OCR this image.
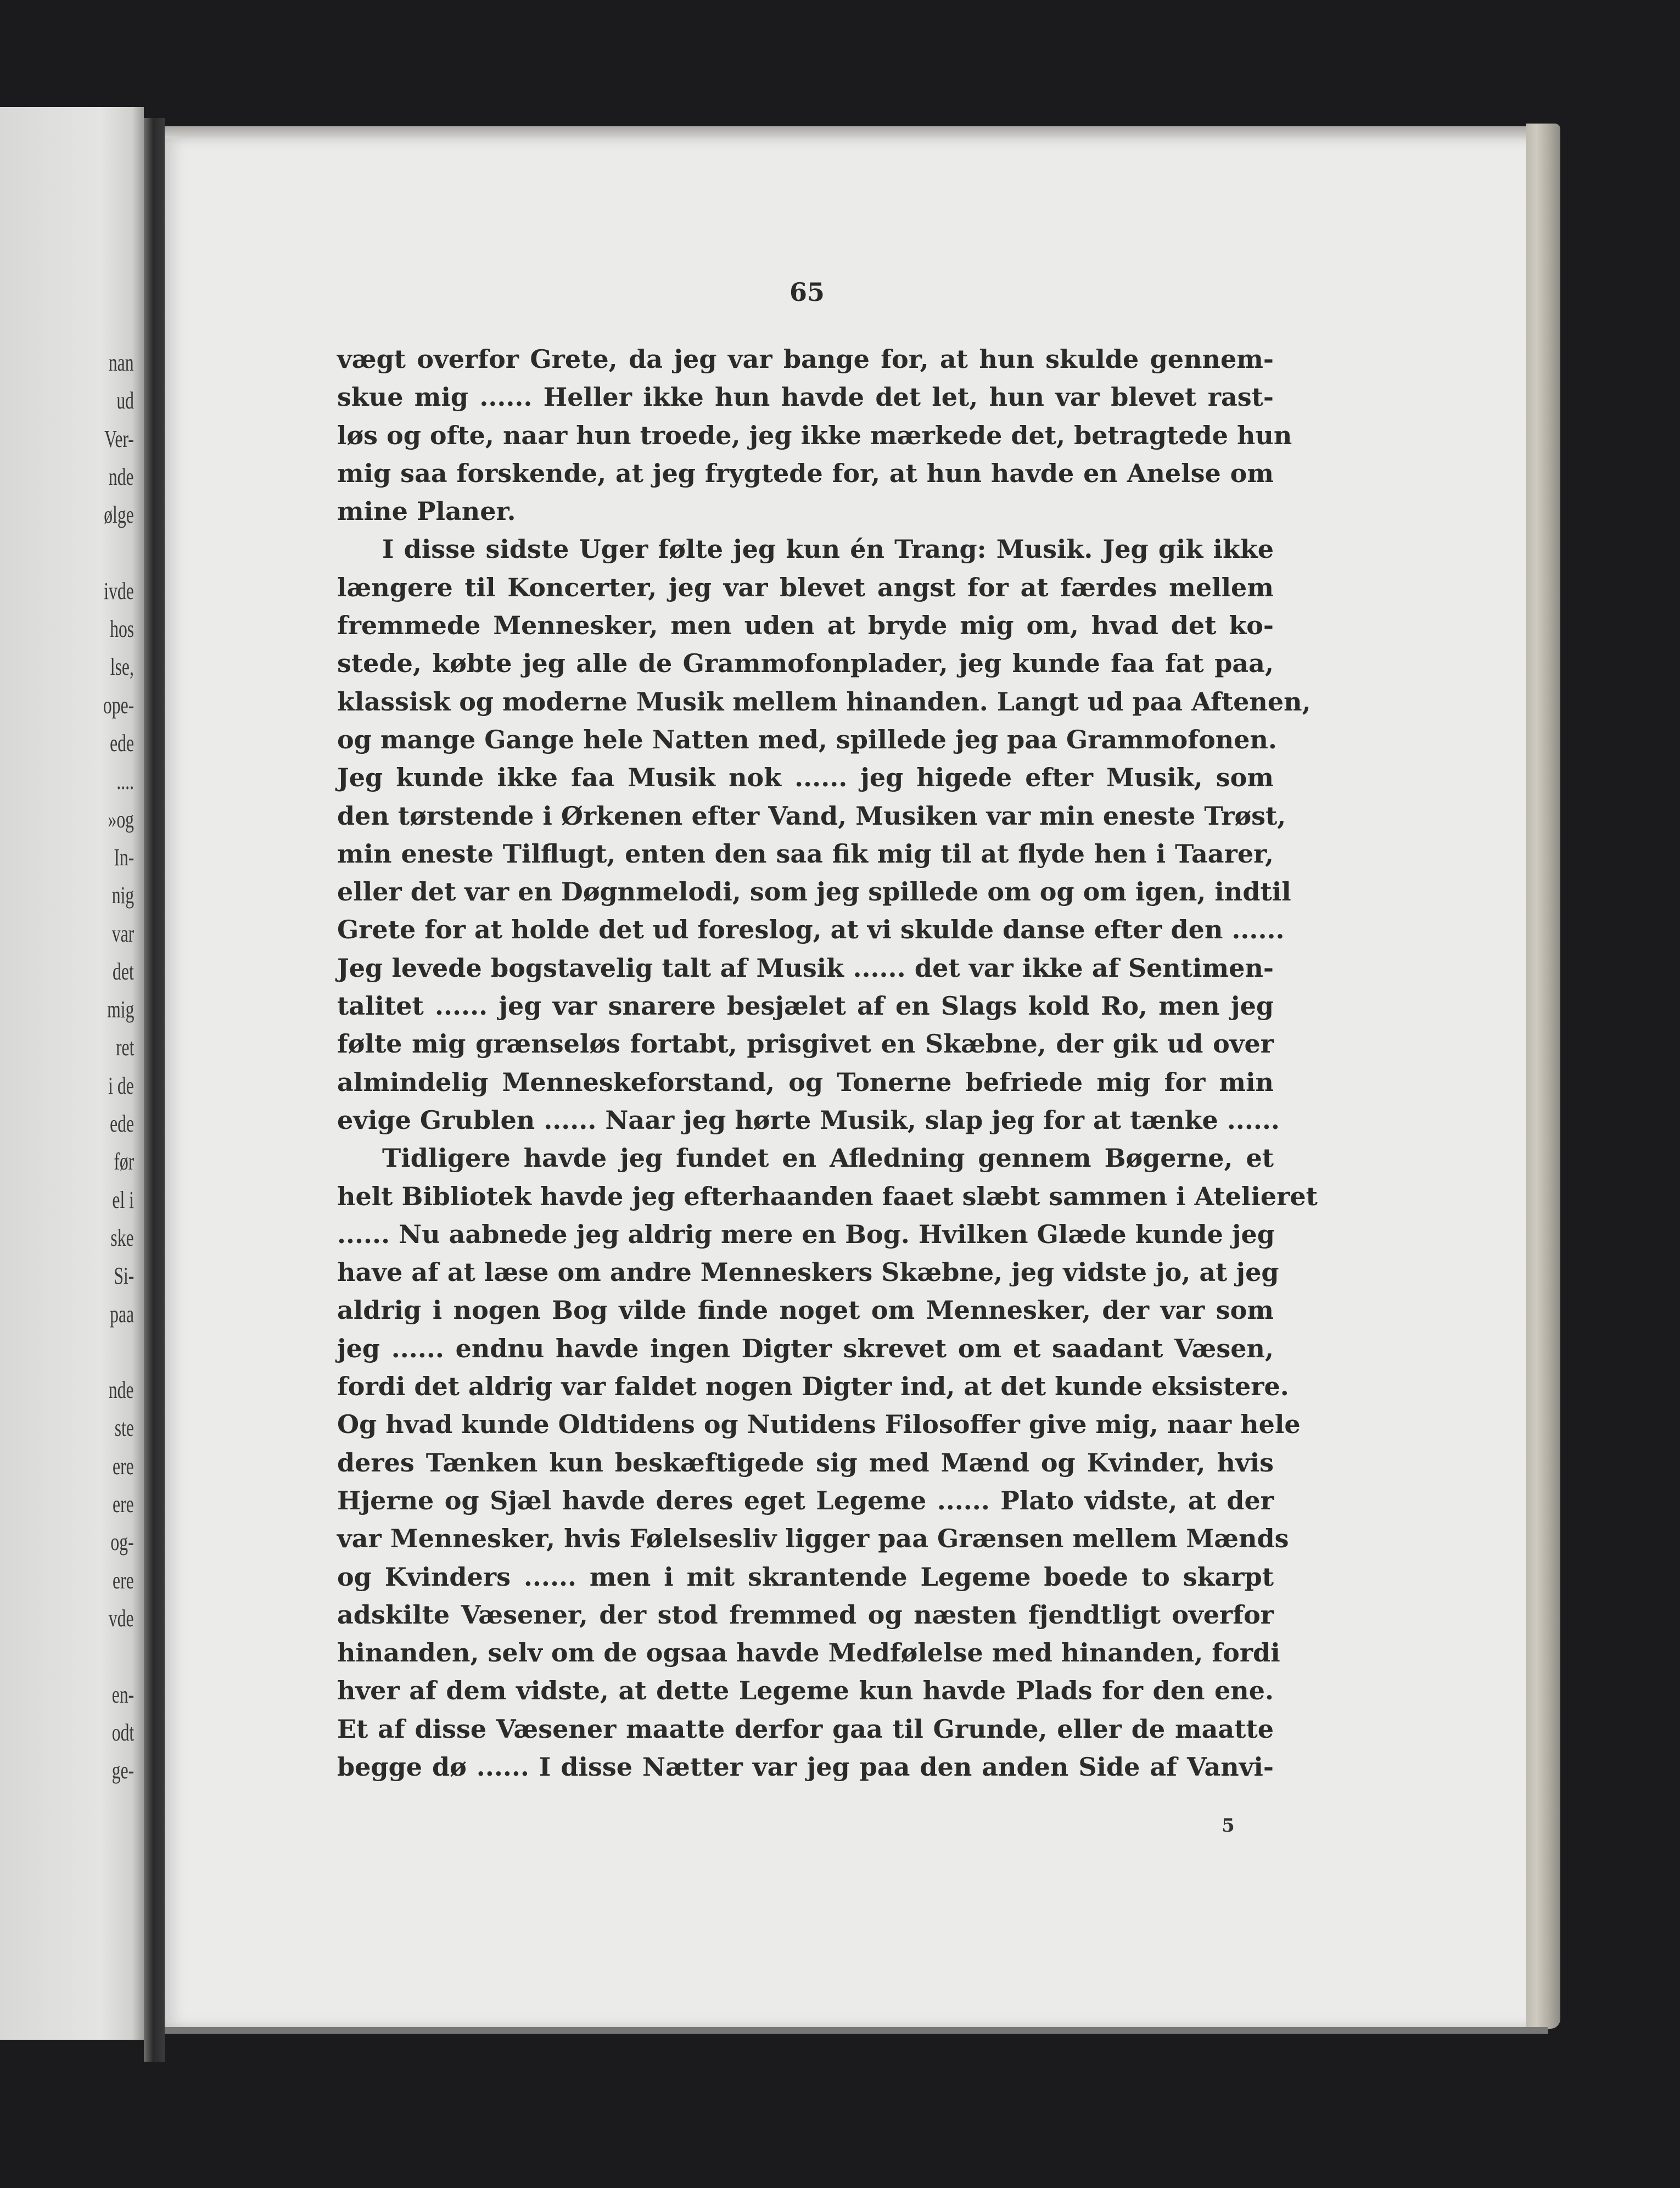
nan
ud
Ver-
nde
ølge
ivde
hos
lse,
ope-
ede
....
»og
In-
nig
var
det
mig
ret
i de
ede
før
el i
ske
Si-
paa
nde
ste
ere
ere
og-
ere
vde
en-
odt
ge-
65
vægt overfor Grete, da jeg var bange for, at hun skulde gennem-
skue mig ...... Heller ikke hun havde det let, hun var blevet rast-
løs og ofte, naar hun troede, jeg ikke mærkede det, betragtede hun
mig saa forskende, at jeg frygtede for, at hun havde en Anelse om
mine Planer.
I disse sidste Uger følte jeg kun én Trang: Musik. Jeg gik ikke
længere til Koncerter, jeg var blevet angst for at færdes mellem
fremmede Mennesker, men uden at bryde mig om, hvad det ko-
stede, købte jeg alle de Grammofonplader, jeg kunde faa fat paa,
klassisk og moderne Musik mellem hinanden. Langt ud paa Aftenen,
og mange Gange hele Natten med, spillede jeg paa Grammofonen.
Jeg kunde ikke faa Musik nok ...... jeg higede efter Musik, som
den tørstende i Ørkenen efter Vand, Musiken var min eneste Trøst,
min eneste Tilflugt, enten den saa fik mig til at flyde hen i Taarer,
eller det var en Døgnmelodi, som jeg spillede om og om igen, indtil
Grete for at holde det ud foreslog, at vi skulde danse efter den ......
Jeg levede bogstavelig talt af Musik ...... det var ikke af Sentimen-
talitet ...... jeg var snarere besjælet af en Slags kold Ro, men jeg
følte mig grænseløs fortabt, prisgivet en Skæbne, der gik ud over
almindelig Menneskeforstand, og Tonerne befriede mig for min
evige Grublen ...... Naar jeg hørte Musik, slap jeg for at tænke ......
Tidligere havde jeg fundet en Afledning gennem Bøgerne, et
helt Bibliotek havde jeg efterhaanden faaet slæbt sammen i Atelieret
...... Nu aabnede jeg aldrig mere en Bog. Hvilken Glæde kunde jeg
have af at læse om andre Menneskers Skæbne, jeg vidste jo, at jeg
aldrig i nogen Bog vilde finde noget om Mennesker, der var som
jeg ...... endnu havde ingen Digter skrevet om et saadant Væsen,
fordi det aldrig var faldet nogen Digter ind, at det kunde eksistere.
Og hvad kunde Oldtidens og Nutidens Filosoffer give mig, naar hele
deres Tænken kun beskæftigede sig med Mænd og Kvinder, hvis
Hjerne og Sjæl havde deres eget Legeme ...... Plato vidste, at der
var Mennesker, hvis Følelsesliv ligger paa Grænsen mellem Mænds
og Kvinders ...... men i mit skrantende Legeme boede to skarpt
adskilte Væsener, der stod fremmed og næsten fjendtligt overfor
hinanden, selv om de ogsaa havde Medfølelse med hinanden, fordi
hver af dem vidste, at dette Legeme kun havde Plads for den ene.
Et af disse Væsener maatte derfor gaa til Grunde, eller de maatte
begge dø ...... I disse Nætter var jeg paa den anden Side af Vanvi-
5
